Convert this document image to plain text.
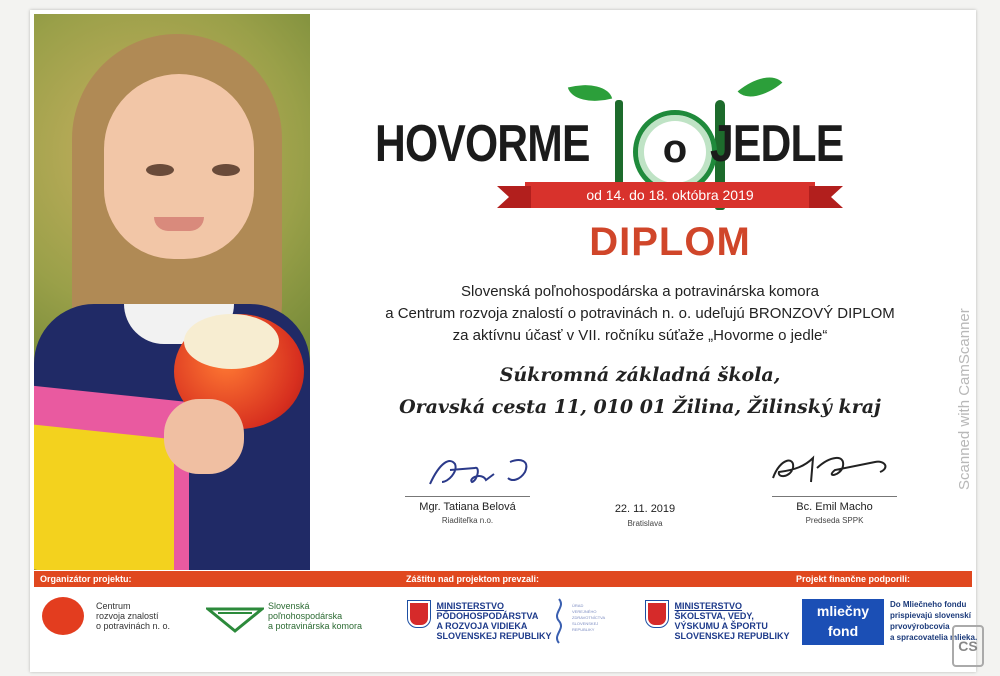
HOVORME	o JEDLE
od 14. do 18. októbra 2019
DIPLOM
Slovenská poľnohospodárska a potravinárska komora
a Centrum rozvoja znalostí o potravinách n. o. udeľujú BRONZOVÝ DIPLOM
za aktívnu účasť v VII. ročníku súťaže „Hovorme o jedle“
Súkromná základná škola,
Oravská cesta 11, 010 01 Žilina, Žilinský kraj
Mgr. Tatiana Belová
Riaditeľka n.o.
22. 11. 2019
Bratislava
Bc. Emil Macho
Predseda SPPK
Organizátor projektu:	Záštitu nad projektom prevzali:	Projekt finančne podporili:
Centrum
rozvoja znalostí
o potravinách n. o.
Slovenská
poľnohospodárska
a potravinárska komora

MINISTERSTVO
PÔDOHOSPODÁRSTVA
A ROZVOJA VIDIEKA
SLOVENSKEJ REPUBLIKY
ÚRAD
VEREJNÉHO
ZDRAVOTNÍCTVA
SLOVENSKEJ
REPUBLIKY

MINISTERSTVO
ŠKOLSTVA, VEDY,
VÝSKUMU A ŠPORTU
SLOVENSKEJ REPUBLIKY
mliečny
fond
Do Mliečneho fondu
prispievajú slovenskí
prvovýrobcovia
a spracovatelia mlieka.
Scanned with CamScanner
CS
